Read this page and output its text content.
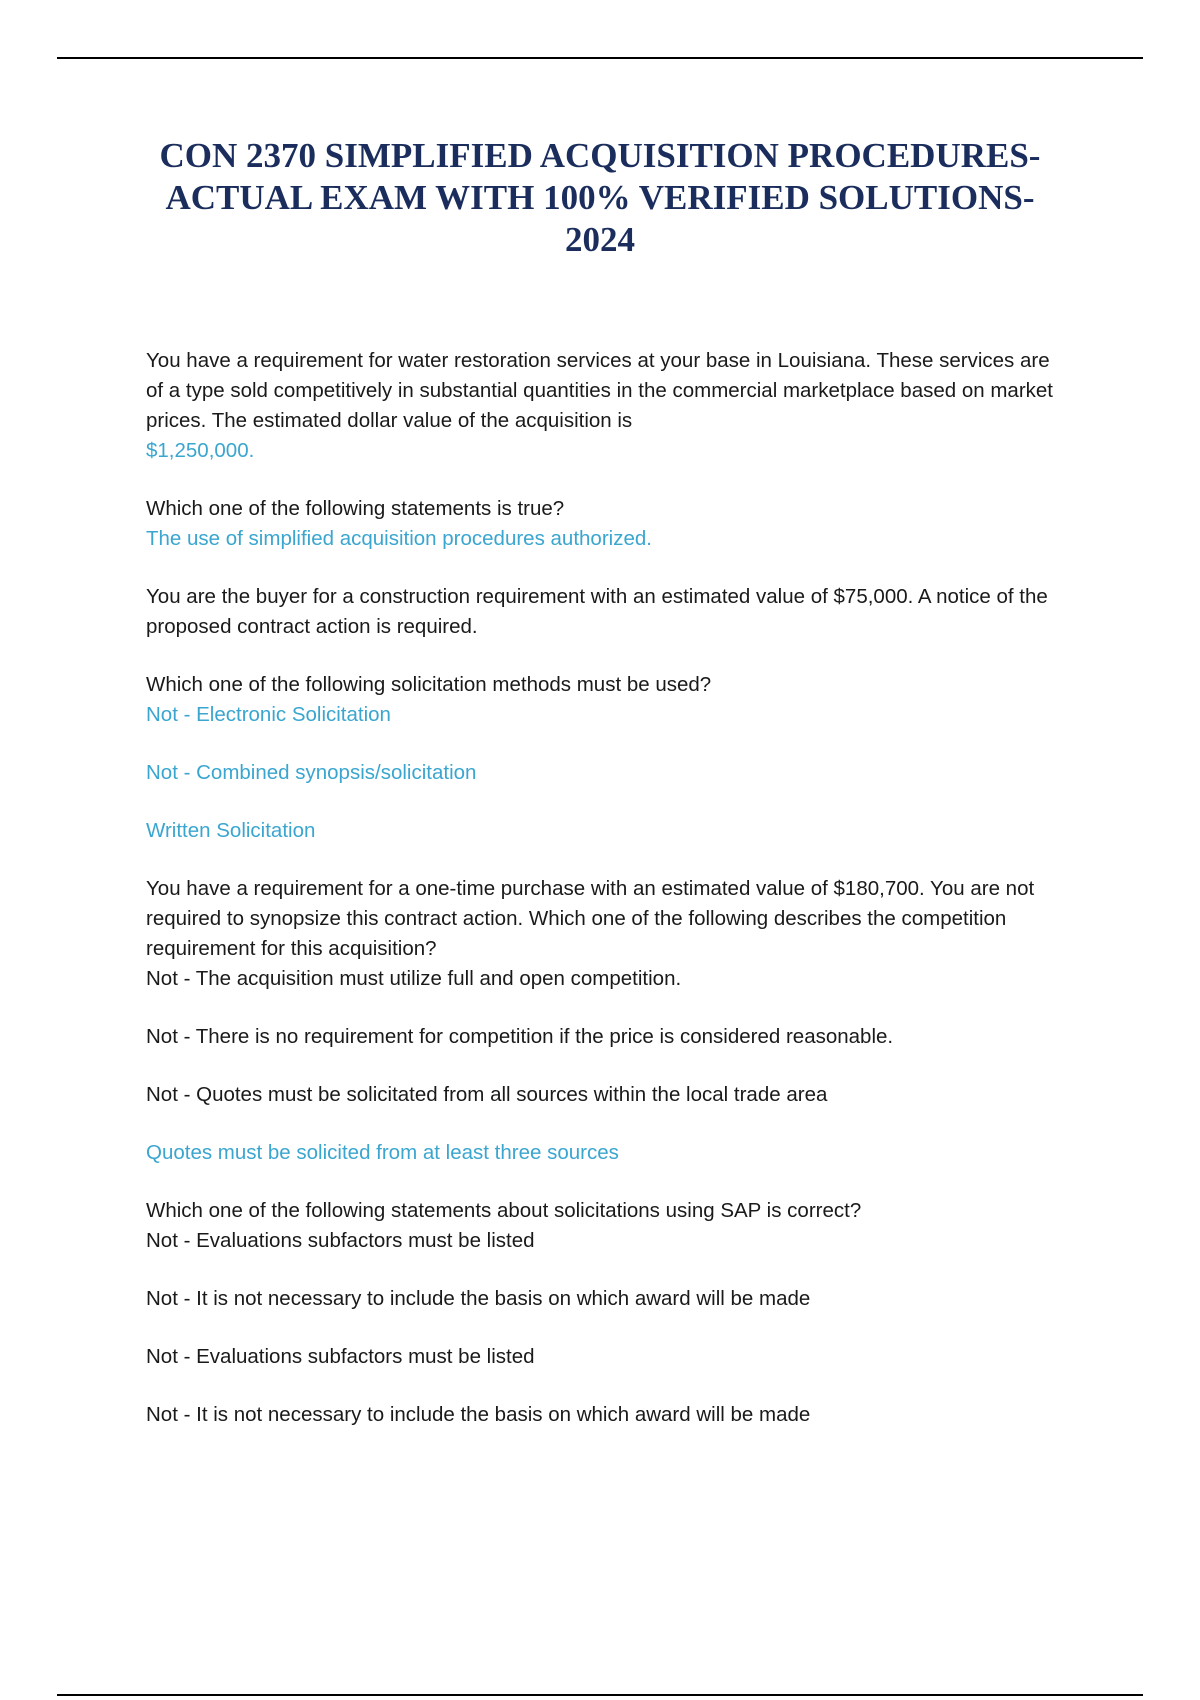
CON 2370 SIMPLIFIED ACQUISITION PROCEDURES-
ACTUAL EXAM WITH 100% VERIFIED SOLUTIONS-
2024

You have a requirement for water restoration services at your base in Louisiana. These services are of a type sold competitively in substantial quantities in the commercial marketplace based on market prices. The estimated dollar value of the acquisition is
$1,250,000.

Which one of the following statements is true?

The use of simplified acquisition procedures authorized.

You are the buyer for a construction requirement with an estimated value of $75,000. A notice of the proposed contract action is required.

Which one of the following solicitation methods must be used?

Not - Electronic Solicitation

Not - Combined synopsis/solicitation

Written Solicitation

You have a requirement for a one-time purchase with an estimated value of $180,700. You are not required to synopsize this contract action. Which one of the following describes the competition requirement for this acquisition?

Not - The acquisition must utilize full and open competition.

Not - There is no requirement for competition if the price is considered reasonable.

Not - Quotes must be solicitated from all sources within the local trade area

Quotes must be solicited from at least three sources

Which one of the following statements about solicitations using SAP is correct?

Not - Evaluations subfactors must be listed

Not - It is not necessary to include the basis on which award will be made

Not - Evaluations subfactors must be listed

Not - It is not necessary to include the basis on which award will be made
